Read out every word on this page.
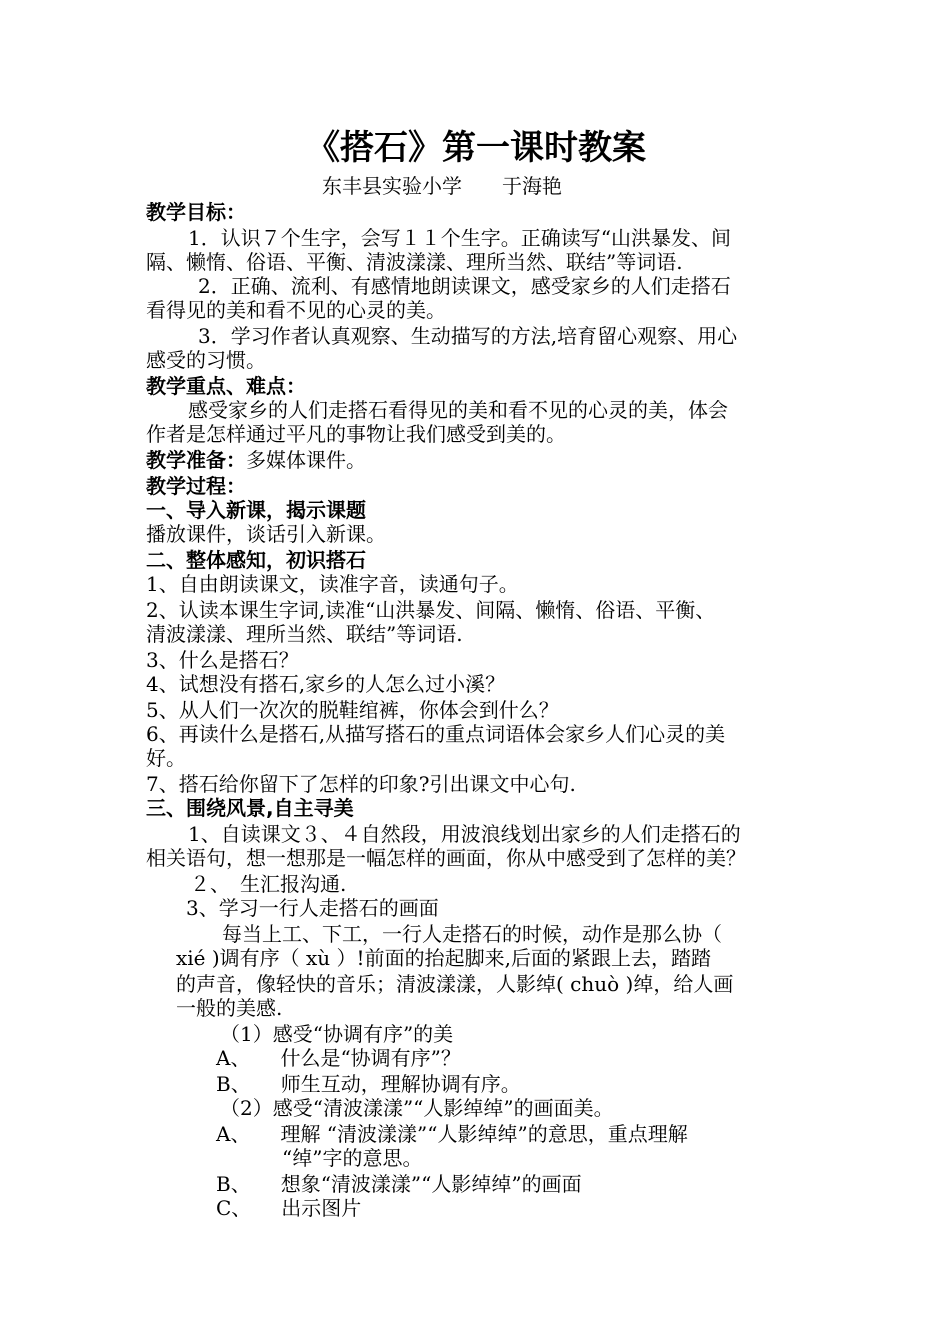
《搭石》第一课时教案
东丰县实验小学　　于海艳
教学目标：
1．认识７个生字，会写１１个生字。正确读写“山洪暴发、间
隔、懒惰、俗语、平衡、清波漾漾、理所当然、联结”等词语.
2．正确、流利、有感情地朗读课文，感受家乡的人们走搭石
看得见的美和看不见的心灵的美。
3．学习作者认真观察、生动描写的方法,培育留心观察、用心
感受的习惯。
教学重点、难点：
感受家乡的人们走搭石看得见的美和看不见的心灵的美，体会
作者是怎样通过平凡的事物让我们感受到美的。
教学准备：多媒体课件。
教学过程：
一、导入新课，揭示课题
播放课件，谈话引入新课。
二、整体感知，初识搭石
1、自由朗读课文，读准字音，读通句子。
2、认读本课生字词,读准“山洪暴发、间隔、懒惰、俗语、平衡、
清波漾漾、理所当然、联结”等词语.
3、什么是搭石？
4、试想没有搭石,家乡的人怎么过小溪？
5、从人们一次次的脱鞋绾裤，你体会到什么？
6、再读什么是搭石,从描写搭石的重点词语体会家乡人们心灵的美
好。
7、搭石给你留下了怎样的印象?引出课文中心句.
三、围绕风景,自主寻美
1、自读课文３、４自然段，用波浪线划出家乡的人们走搭石的
相关语句，想一想那是一幅怎样的画面，你从中感受到了怎样的美？
２、　生汇报沟通.
3、学习一行人走搭石的画面
每当上工、下工，一行人走搭石的时候，动作是那么协（
xié )调有序（ xù ）!前面的抬起脚来,后面的紧跟上去，踏踏
的声音，像轻快的音乐；清波漾漾，人影绰( chuò )绰，给人画
一般的美感.
（1）感受“协调有序”的美
A、　　什么是“协调有序”？
B、　　师生互动，理解协调有序。
（2）感受“清波漾漾”“人影绰绰”的画面美。
A、　　理解 “清波漾漾”“人影绰绰”的意思，重点理解
“绰”字的意思。
B、　　想象“清波漾漾”“人影绰绰”的画面
C、　　出示图片
